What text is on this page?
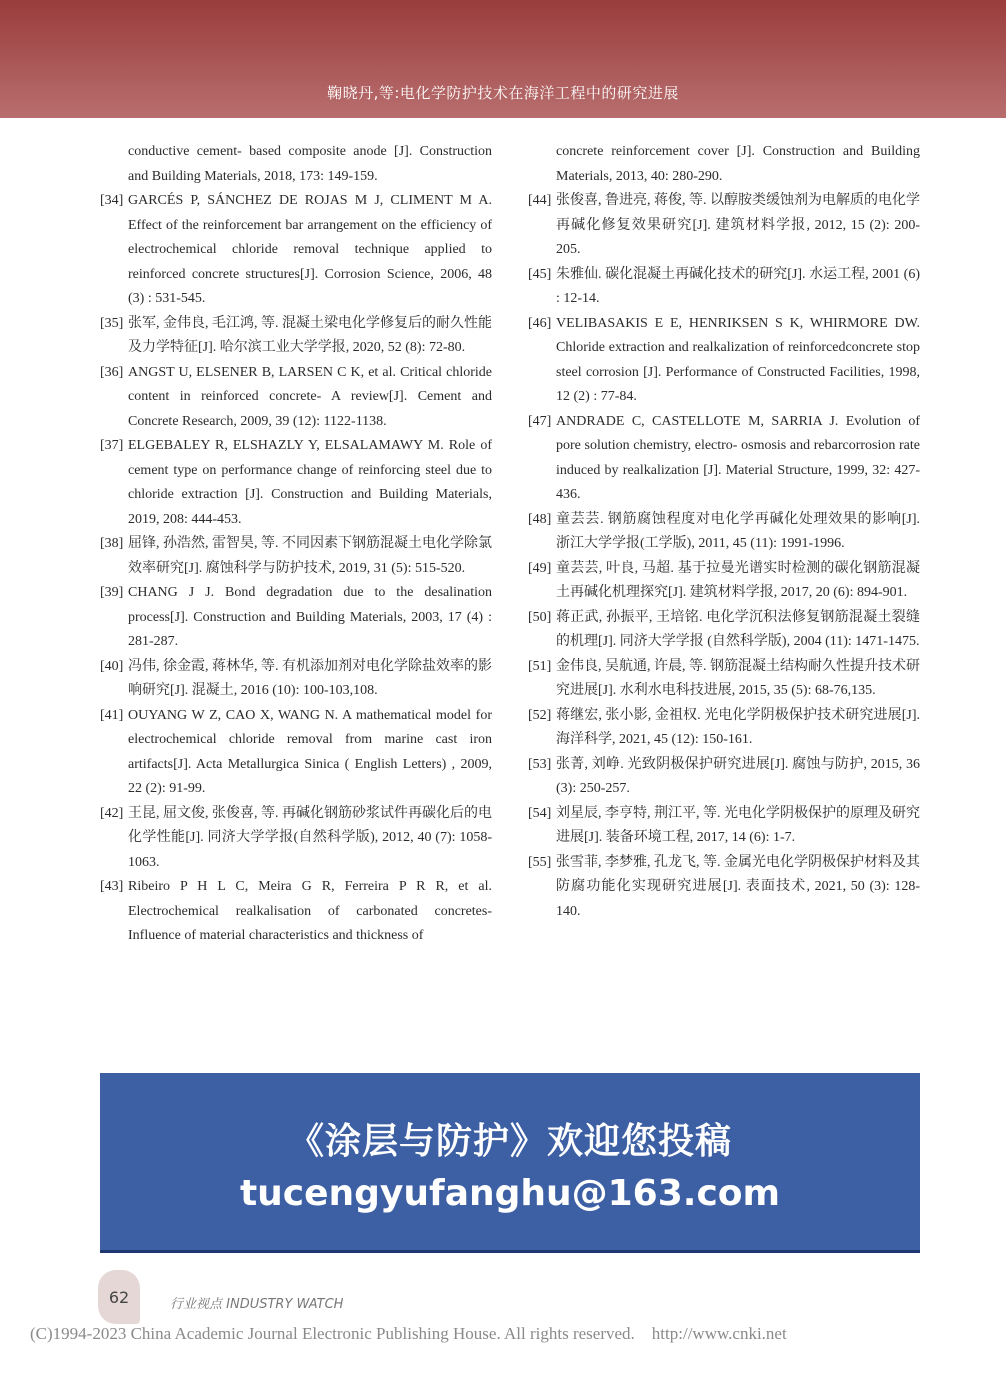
鞠晓丹,等:电化学防护技术在海洋工程中的研究进展
conductive cement- based composite anode [J]. Construction and Building Materials, 2018, 173: 149-159.
[34] GARCÉS P, SÁNCHEZ DE ROJAS M J, CLIMENT M A. Effect of the reinforcement bar arrangement on the efficiency of electrochemical chloride removal technique applied to reinforced concrete structures[J]. Corrosion Science, 2006, 48 (3) : 531-545.
[35] 张军, 金伟良, 毛江鸿, 等. 混凝土梁电化学修复后的耐久性能及力学特征[J]. 哈尔滨工业大学学报, 2020, 52 (8): 72-80.
[36] ANGST U, ELSENER B, LARSEN C K, et al. Critical chloride content in reinforced concrete- A review[J]. Cement and Concrete Research, 2009, 39 (12): 1122-1138.
[37] ELGEBALEY R, ELSHAZLY Y, ELSALAMAWY M. Role of cement type on performance change of reinforcing steel due to chloride extraction [J]. Construction and Building Materials, 2019, 208: 444-453.
[38] 屈锋, 孙浩然, 雷智昊, 等. 不同因素下钢筋混凝土电化学除氯效率研究[J]. 腐蚀科学与防护技术, 2019, 31 (5): 515-520.
[39] CHANG J J. Bond degradation due to the desalination process[J]. Construction and Building Materials, 2003, 17 (4) : 281-287.
[40] 冯伟, 徐金霞, 蒋林华, 等. 有机添加剂对电化学除盐效率的影响研究[J]. 混凝土, 2016 (10): 100-103,108.
[41] OUYANG W Z, CAO X, WANG N. A mathematical model for electrochemical chloride removal from marine cast iron artifacts[J]. Acta Metallurgica Sinica ( English Letters) , 2009, 22 (2): 91-99.
[42] 王昆, 屈文俊, 张俊喜, 等. 再碱化钢筋砂浆试件再碳化后的电化学性能[J]. 同济大学学报(自然科学版), 2012, 40 (7): 1058-1063.
[43] Ribeiro P H L C, Meira G R, Ferreira P R R, et al. Electrochemical realkalisation of carbonated concretes- Influence of material characteristics and thickness of
concrete reinforcement cover [J]. Construction and Building Materials, 2013, 40: 280-290.
[44] 张俊喜, 鲁进亮, 蒋俊, 等. 以醇胺类缓蚀剂为电解质的电化学再碱化修复效果研究[J]. 建筑材料学报, 2012, 15 (2): 200-205.
[45] 朱雅仙. 碳化混凝土再碱化技术的研究[J]. 水运工程, 2001 (6) : 12-14.
[46] VELIBASAKIS E E, HENRIKSEN S K, WHIRMORE DW. Chloride extraction and realkalization of reinforcedconcrete stop steel corrosion [J]. Performance of Constructed Facilities, 1998, 12 (2) : 77-84.
[47] ANDRADE C, CASTELLOTE M, SARRIA J. Evolution of pore solution chemistry, electro- osmosis and rebarcorrosion rate induced by realkalization [J]. Material Structure, 1999, 32: 427-436.
[48] 童芸芸. 钢筋腐蚀程度对电化学再碱化处理效果的影响[J]. 浙江大学学报(工学版), 2011, 45 (11): 1991-1996.
[49] 童芸芸, 叶良, 马超. 基于拉曼光谱实时检测的碳化钢筋混凝土再碱化机理探究[J]. 建筑材料学报, 2017, 20 (6): 894-901.
[50] 蒋正武, 孙振平, 王培铭. 电化学沉积法修复钢筋混凝土裂缝的机理[J]. 同济大学学报 (自然科学版), 2004 (11): 1471-1475.
[51] 金伟良, 吴航通, 许晨, 等. 钢筋混凝土结构耐久性提升技术研究进展[J]. 水利水电科技进展, 2015, 35 (5): 68-76,135.
[52] 蒋继宏, 张小影, 金祖权. 光电化学阴极保护技术研究进展[J]. 海洋科学, 2021, 45 (12): 150-161.
[53] 张菁, 刘峥. 光致阴极保护研究进展[J]. 腐蚀与防护, 2015, 36 (3): 250-257.
[54] 刘星辰, 李亨特, 荆江平, 等. 光电化学阴极保护的原理及研究进展[J]. 装备环境工程, 2017, 14 (6): 1-7.
[55] 张雪菲, 李梦雅, 孔龙飞, 等. 金属光电化学阴极保护材料及其防腐功能化实现研究进展[J]. 表面技术, 2021, 50 (3): 128-140.
《涂层与防护》欢迎您投稿
tucengyufanghu@163.com
62	行业视点 INDUSTRY WATCH
(C)1994-2023 China Academic Journal Electronic Publishing House. All rights reserved.    http://www.cnki.net
